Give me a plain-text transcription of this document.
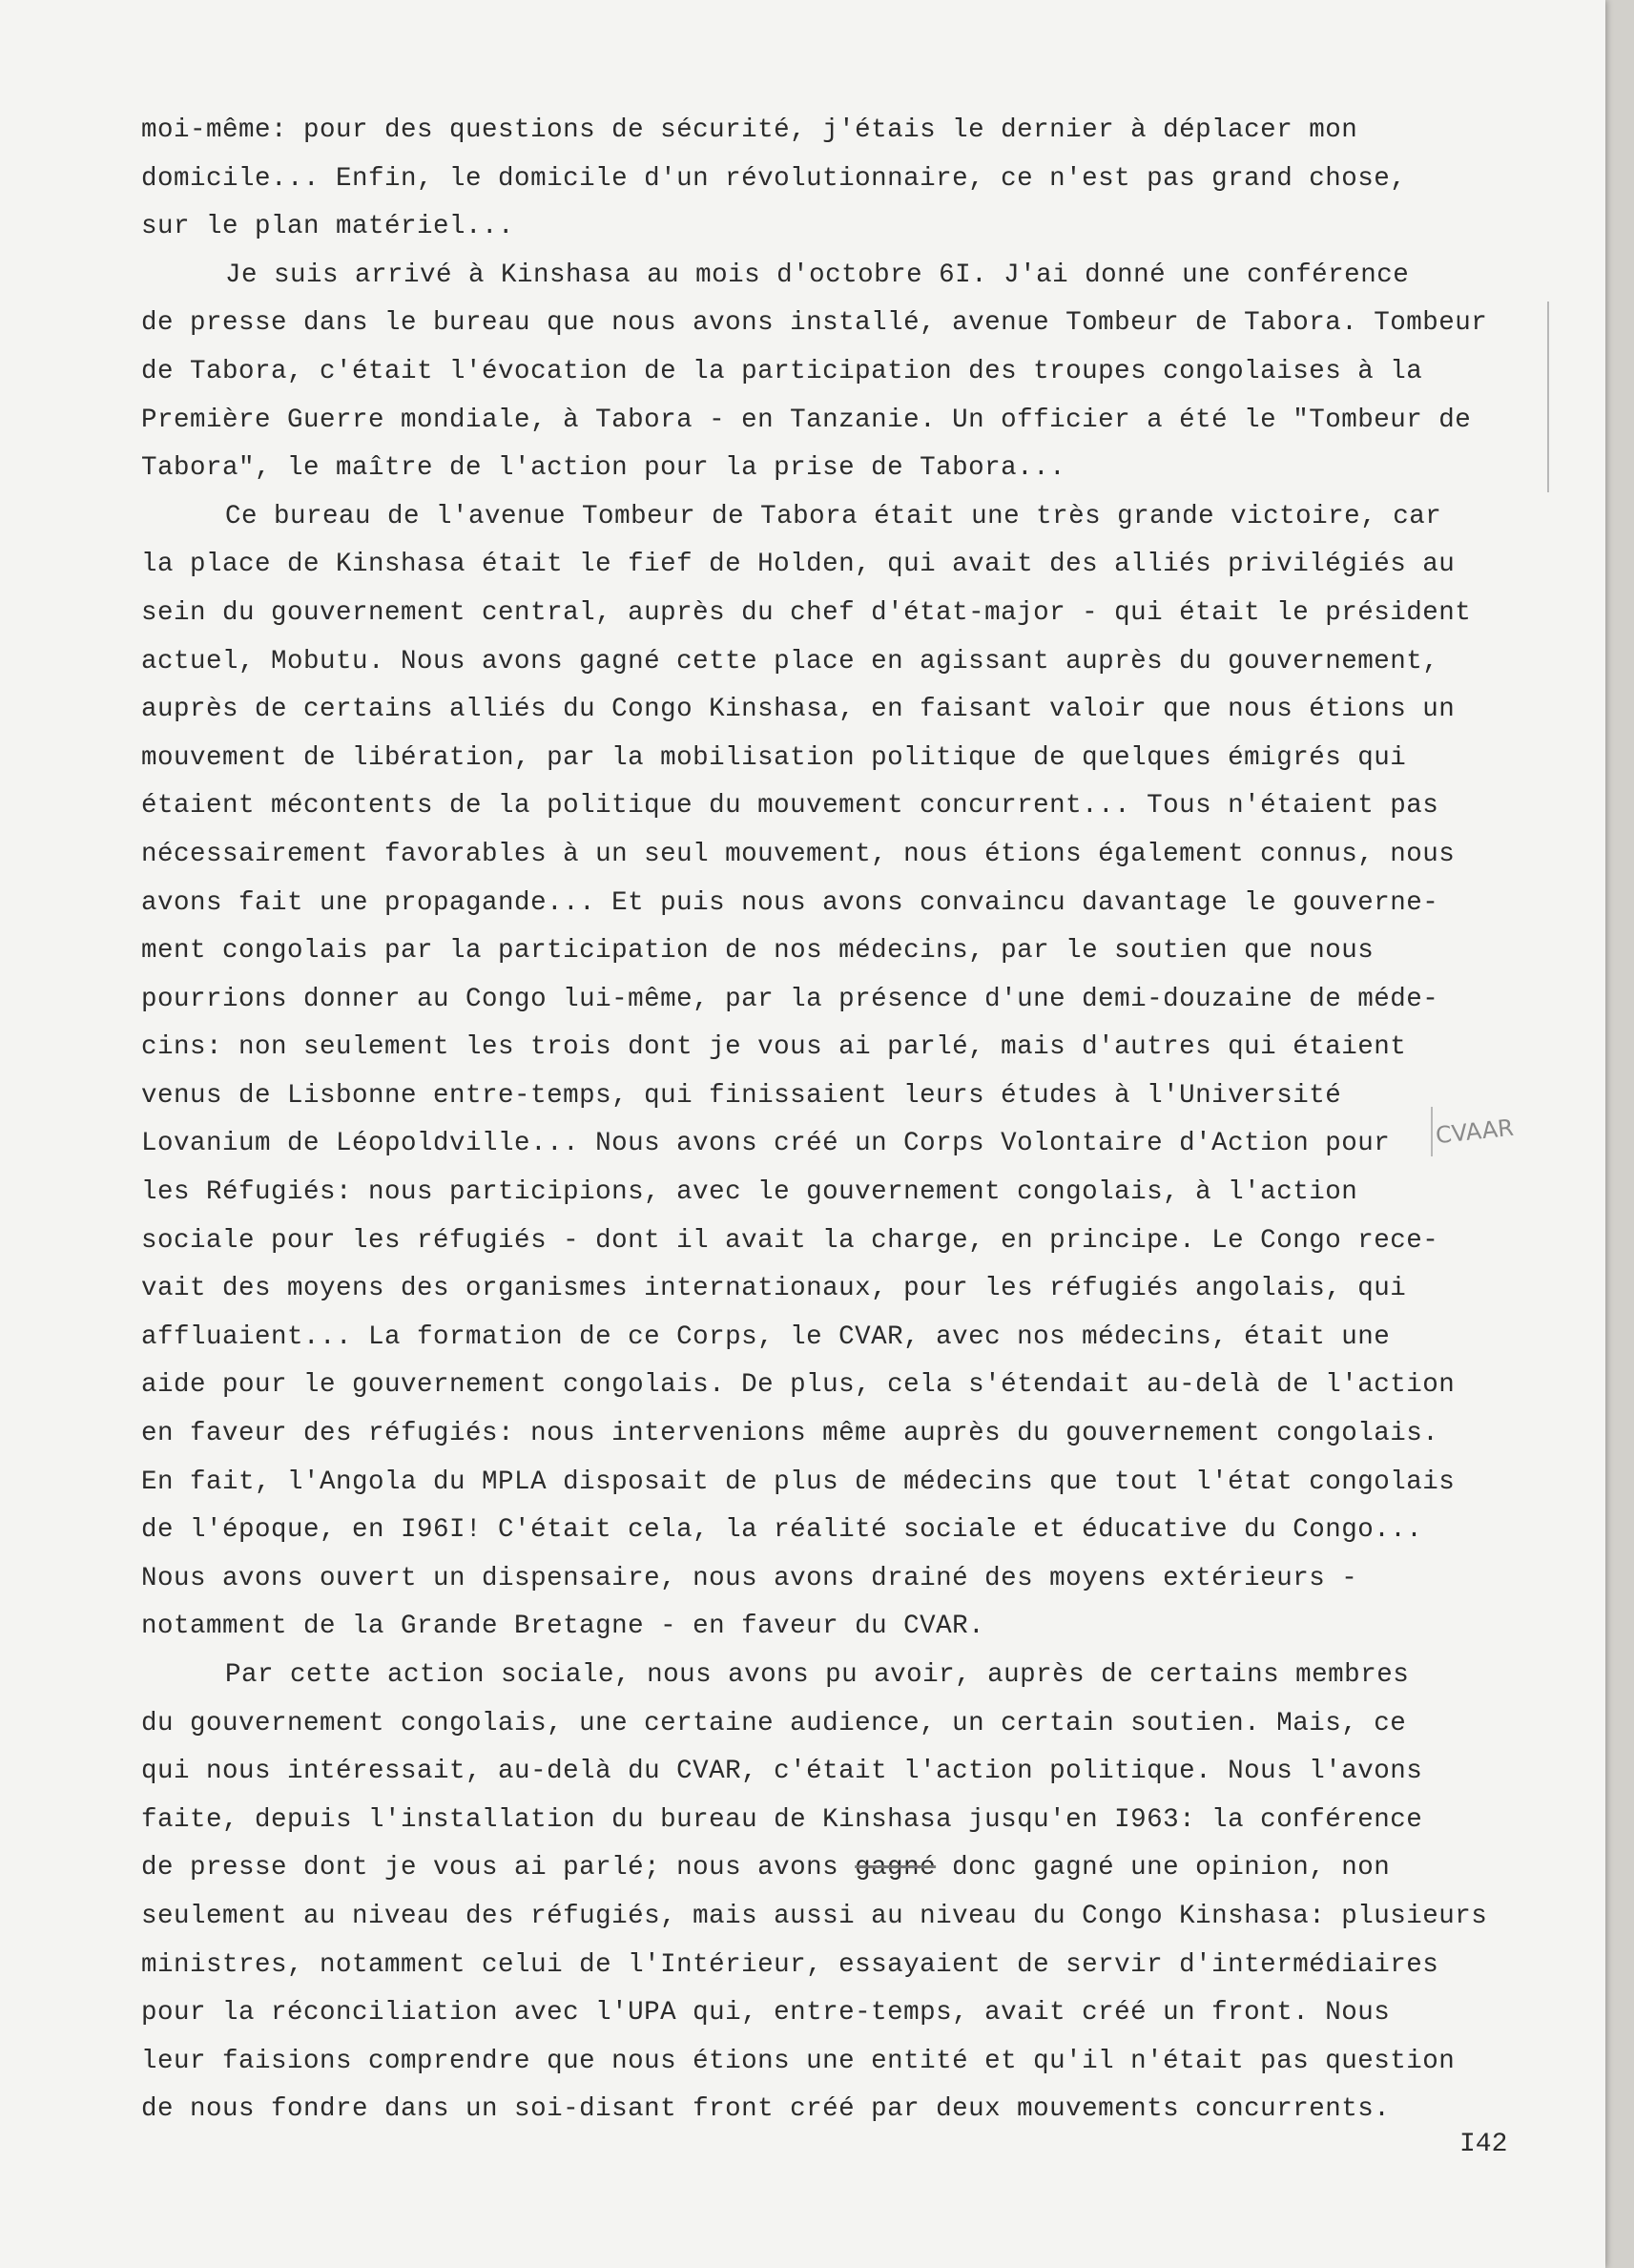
moi-même: pour des questions de sécurité, j'étais le dernier à déplacer mon
domicile... Enfin, le domicile d'un révolutionnaire, ce n'est pas grand chose,
sur le plan matériel...
Je suis arrivé à Kinshasa au mois d'octobre 6I. J'ai donné une conférence
de presse dans le bureau que nous avons installé, avenue Tombeur de Tabora. Tombeur
de Tabora, c'était l'évocation de la participation des troupes congolaises à la
Première Guerre mondiale, à Tabora - en Tanzanie. Un officier a été le "Tombeur de
Tabora", le maître de l'action pour la prise de Tabora...
Ce bureau de l'avenue Tombeur de Tabora était une très grande victoire, car
la place de Kinshasa était le fief de Holden, qui avait des alliés privilégiés au
sein du gouvernement central, auprès du chef d'état-major - qui était le président
actuel, Mobutu. Nous avons gagné cette place en agissant auprès du gouvernement,
auprès de certains alliés du Congo Kinshasa, en faisant valoir que nous étions un
mouvement de libération, par la mobilisation politique de quelques émigrés qui
étaient mécontents de la politique du mouvement concurrent... Tous n'étaient pas
nécessairement favorables à un seul mouvement, nous étions également connus, nous
avons fait une propagande... Et puis nous avons convaincu davantage le gouverne-
ment congolais par la participation de nos médecins, par le soutien que nous
pourrions donner au Congo lui-même, par la présence d'une demi-douzaine de méde-
cins: non seulement les trois dont je vous ai parlé, mais d'autres qui étaient
venus de Lisbonne entre-temps, qui finissaient leurs études à l'Université
Lovanium de Léopoldville... Nous avons créé un Corps Volontaire d'Action pour
les Réfugiés: nous participions, avec le gouvernement congolais, à l'action
sociale pour les réfugiés - dont il avait la charge, en principe. Le Congo rece-
vait des moyens des organismes internationaux, pour les réfugiés angolais, qui
affluaient... La formation de ce Corps, le CVAR, avec nos médecins, était une
aide pour le gouvernement congolais. De plus, cela s'étendait au-delà de l'action
en faveur des réfugiés: nous intervenions même auprès du gouvernement congolais.
En fait, l'Angola du MPLA disposait de plus de médecins que tout l'état congolais
de l'époque, en I96I! C'était cela, la réalité sociale et éducative du Congo...
Nous avons ouvert un dispensaire, nous avons drainé des moyens extérieurs -
notamment de la Grande Bretagne - en faveur du CVAR.
Par cette action sociale, nous avons pu avoir, auprès de certains membres
du gouvernement congolais, une certaine audience, un certain soutien. Mais, ce
qui nous intéressait, au-delà du CVAR, c'était l'action politique. Nous l'avons
faite, depuis l'installation du bureau de Kinshasa jusqu'en I963: la conférence
de presse dont je vous ai parlé; nous avons gagné donc gagné une opinion, non
seulement au niveau des réfugiés, mais aussi au niveau du Congo Kinshasa: plusieurs
ministres, notamment celui de l'Intérieur, essayaient de servir d'intermédiaires
pour la réconciliation avec l'UPA qui, entre-temps, avait créé un front. Nous
leur faisions comprendre que nous étions une entité et qu'il n'était pas question
de nous fondre dans un soi-disant front créé par deux mouvements concurrents.
CVAAR
I42
